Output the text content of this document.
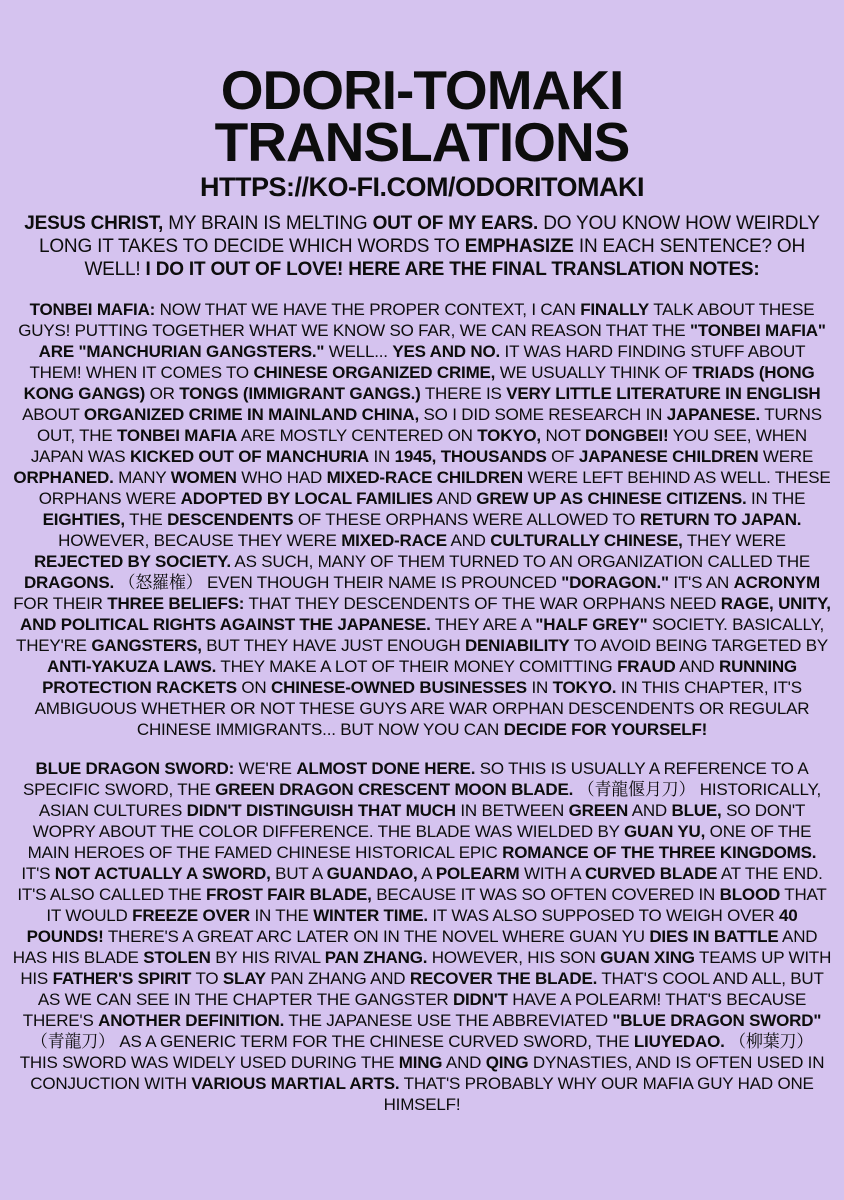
ODORI-TOMAKI
TRANSLATIONS
HTTPS://KO-FI.COM/ODORITOMAKI

JESUS CHRIST, MY BRAIN IS MELTING OUT OF MY EARS. DO YOU KNOW HOW WEIRDLY LONG IT TAKES TO DECIDE WHICH WORDS TO EMPHASIZE IN EACH SENTENCE? OH WELL! I DO IT OUT OF LOVE! HERE ARE THE FINAL TRANSLATION NOTES:

TONBEI MAFIA: NOW THAT WE HAVE THE PROPER CONTEXT, I CAN FINALLY TALK ABOUT THESE GUYS! PUTTING TOGETHER WHAT WE KNOW SO FAR, WE CAN REASON THAT THE "TONBEI MAFIA" ARE "MANCHURIAN GANGSTERS." WELL... YES AND NO. IT WAS HARD FINDING STUFF ABOUT THEM! WHEN IT COMES TO CHINESE ORGANIZED CRIME, WE USUALLY THINK OF TRIADS (HONG KONG GANGS) OR TONGS (IMMIGRANT GANGS.) THERE IS VERY LITTLE LITERATURE IN ENGLISH ABOUT ORGANIZED CRIME IN MAINLAND CHINA, SO I DID SOME RESEARCH IN JAPANESE. TURNS OUT, THE TONBEI MAFIA ARE MOSTLY CENTERED ON TOKYO, NOT DONGBEI! YOU SEE, WHEN JAPAN WAS KICKED OUT OF MANCHURIA IN 1945, THOUSANDS OF JAPANESE CHILDREN WERE ORPHANED. MANY WOMEN WHO HAD MIXED-RACE CHILDREN WERE LEFT BEHIND AS WELL. THESE ORPHANS WERE ADOPTED BY LOCAL FAMILIES AND GREW UP AS CHINESE CITIZENS. IN THE EIGHTIES, THE DESCENDENTS OF THESE ORPHANS WERE ALLOWED TO RETURN TO JAPAN. HOWEVER, BECAUSE THEY WERE MIXED-RACE AND CULTURALLY CHINESE, THEY WERE REJECTED BY SOCIETY. AS SUCH, MANY OF THEM TURNED TO AN ORGANIZATION CALLED THE DRAGONS. （怒羅権） EVEN THOUGH THEIR NAME IS PROUNCED "DORAGON." IT'S AN ACRONYM FOR THEIR THREE BELIEFS: THAT THEY DESCENDENTS OF THE WAR ORPHANS NEED RAGE, UNITY, AND POLITICAL RIGHTS AGAINST THE JAPANESE. THEY ARE A "HALF GREY" SOCIETY. BASICALLY, THEY'RE GANGSTERS, BUT THEY HAVE JUST ENOUGH DENIABILITY TO AVOID BEING TARGETED BY ANTI-YAKUZA LAWS. THEY MAKE A LOT OF THEIR MONEY COMITTING FRAUD AND RUNNING PROTECTION RACKETS ON CHINESE-OWNED BUSINESSES IN TOKYO. IN THIS CHAPTER, IT'S AMBIGUOUS WHETHER OR NOT THESE GUYS ARE WAR ORPHAN DESCENDENTS OR REGULAR CHINESE IMMIGRANTS... BUT NOW YOU CAN DECIDE FOR YOURSELF!

BLUE DRAGON SWORD: WE'RE ALMOST DONE HERE. SO THIS IS USUALLY A REFERENCE TO A SPECIFIC SWORD, THE GREEN DRAGON CRESCENT MOON BLADE. （青龍偃月刀） HISTORICALLY, ASIAN CULTURES DIDN'T DISTINGUISH THAT MUCH IN BETWEEN GREEN AND BLUE, SO DON'T WOPRY ABOUT THE COLOR DIFFERENCE. THE BLADE WAS WIELDED BY GUAN YU, ONE OF THE MAIN HEROES OF THE FAMED CHINESE HISTORICAL EPIC ROMANCE OF THE THREE KINGDOMS. IT'S NOT ACTUALLY A SWORD, BUT A GUANDAO, A POLEARM WITH A CURVED BLADE AT THE END. IT'S ALSO CALLED THE FROST FAIR BLADE, BECAUSE IT WAS SO OFTEN COVERED IN BLOOD THAT IT WOULD FREEZE OVER IN THE WINTER TIME. IT WAS ALSO SUPPOSED TO WEIGH OVER 40 POUNDS! THERE'S A GREAT ARC LATER ON IN THE NOVEL WHERE GUAN YU DIES IN BATTLE AND HAS HIS BLADE STOLEN BY HIS RIVAL PAN ZHANG. HOWEVER, HIS SON GUAN XING TEAMS UP WITH HIS FATHER'S SPIRIT TO SLAY PAN ZHANG AND RECOVER THE BLADE. THAT'S COOL AND ALL, BUT AS WE CAN SEE IN THE CHAPTER THE GANGSTER DIDN'T HAVE A POLEARM! THAT'S BECAUSE THERE'S ANOTHER DEFINITION. THE JAPANESE USE THE ABBREVIATED "BLUE DRAGON SWORD" （青龍刀） AS A GENERIC TERM FOR THE CHINESE CURVED SWORD, THE LIUYEDAO. （柳葉刀） THIS SWORD WAS WIDELY USED DURING THE MING AND QING DYNASTIES, AND IS OFTEN USED IN CONJUCTION WITH VARIOUS MARTIAL ARTS. THAT'S PROBABLY WHY OUR MAFIA GUY HAD ONE HIMSELF!
